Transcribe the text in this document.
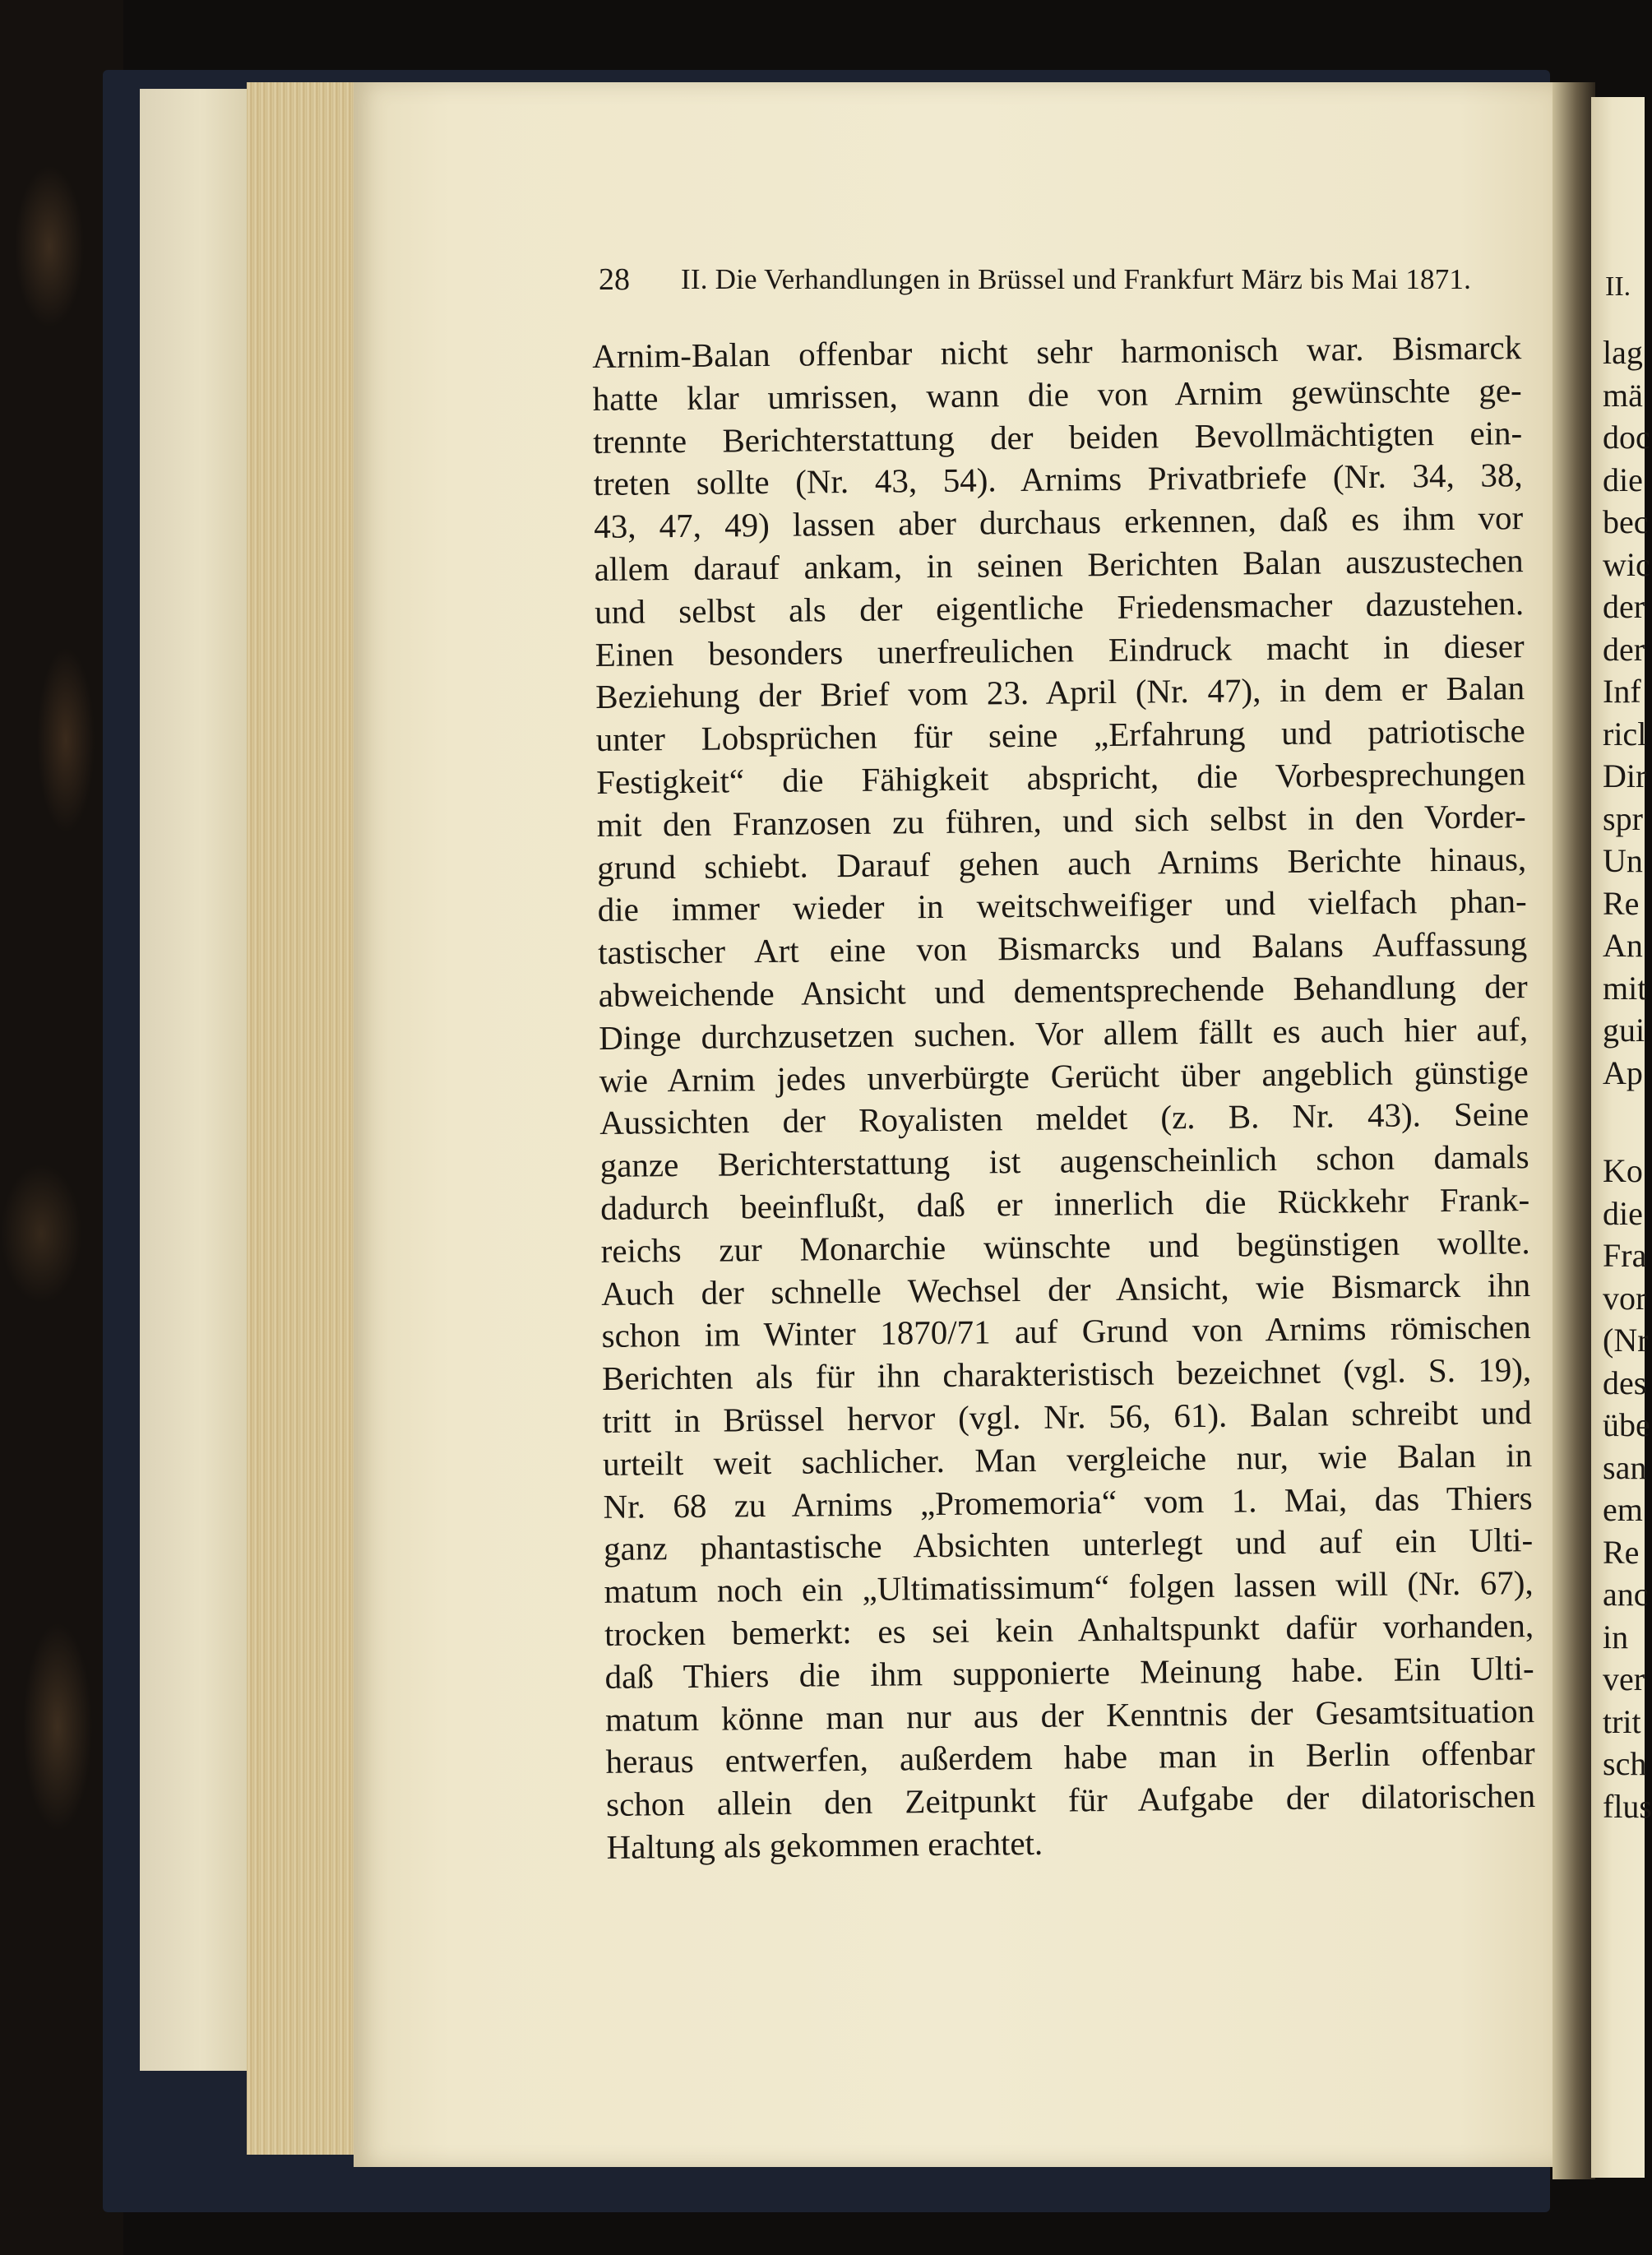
28 II. Die Verhandlungen in Brüssel und Frankfurt März bis Mai 1871.
Arnim-Balan offenbar nicht sehr harmonisch war. Bismarck
hatte klar umrissen, wann die von Arnim gewünschte ge-
trennte Berichterstattung der beiden Bevollmächtigten ein-
treten sollte (Nr. 43, 54). Arnims Privatbriefe (Nr. 34, 38,
43, 47, 49) lassen aber durchaus erkennen, daß es ihm vor
allem darauf ankam, in seinen Berichten Balan auszustechen
und selbst als der eigentliche Friedensmacher dazustehen.
Einen besonders unerfreulichen Eindruck macht in dieser
Beziehung der Brief vom 23. April (Nr. 47), in dem er Balan
unter Lobsprüchen für seine „Erfahrung und patriotische
Festigkeit“ die Fähigkeit abspricht, die Vorbesprechungen
mit den Franzosen zu führen, und sich selbst in den Vorder-
grund schiebt. Darauf gehen auch Arnims Berichte hinaus,
die immer wieder in weitschweifiger und vielfach phan-
tastischer Art eine von Bismarcks und Balans Auffassung
abweichende Ansicht und dementsprechende Behandlung der
Dinge durchzusetzen suchen. Vor allem fällt es auch hier auf,
wie Arnim jedes unverbürgte Gerücht über angeblich günstige
Aussichten der Royalisten meldet (z. B. Nr. 43). Seine
ganze Berichterstattung ist augenscheinlich schon damals
dadurch beeinflußt, daß er innerlich die Rückkehr Frank-
reichs zur Monarchie wünschte und begünstigen wollte.
Auch der schnelle Wechsel der Ansicht, wie Bismarck ihn
schon im Winter 1870/71 auf Grund von Arnims römischen
Berichten als für ihn charakteristisch bezeichnet (vgl. S. 19),
tritt in Brüssel hervor (vgl. Nr. 56, 61). Balan schreibt und
urteilt weit sachlicher. Man vergleiche nur, wie Balan in
Nr. 68 zu Arnims „Promemoria“ vom 1. Mai, das Thiers
ganz phantastische Absichten unterlegt und auf ein Ulti-
matum noch ein „Ultimatissimum“ folgen lassen will (Nr. 67),
trocken bemerkt: es sei kein Anhaltspunkt dafür vorhanden,
daß Thiers die ihm supponierte Meinung habe. Ein Ulti-
matum könne man nur aus der Kenntnis der Gesamtsituation
heraus entwerfen, außerdem habe man in Berlin offenbar
schon allein den Zeitpunkt für Aufgabe der dilatorischen
Haltung als gekommen erachtet.
II.
lag
mä
doc
die
bec
wic
der
der
Inf
ricl
Dir
spr
Un
Re
An
mit
gui
Ap
Ko
die
Fra
vor
(Nr
des
übe
san
em
Re
anc
in
ver
trit
sch
flus
